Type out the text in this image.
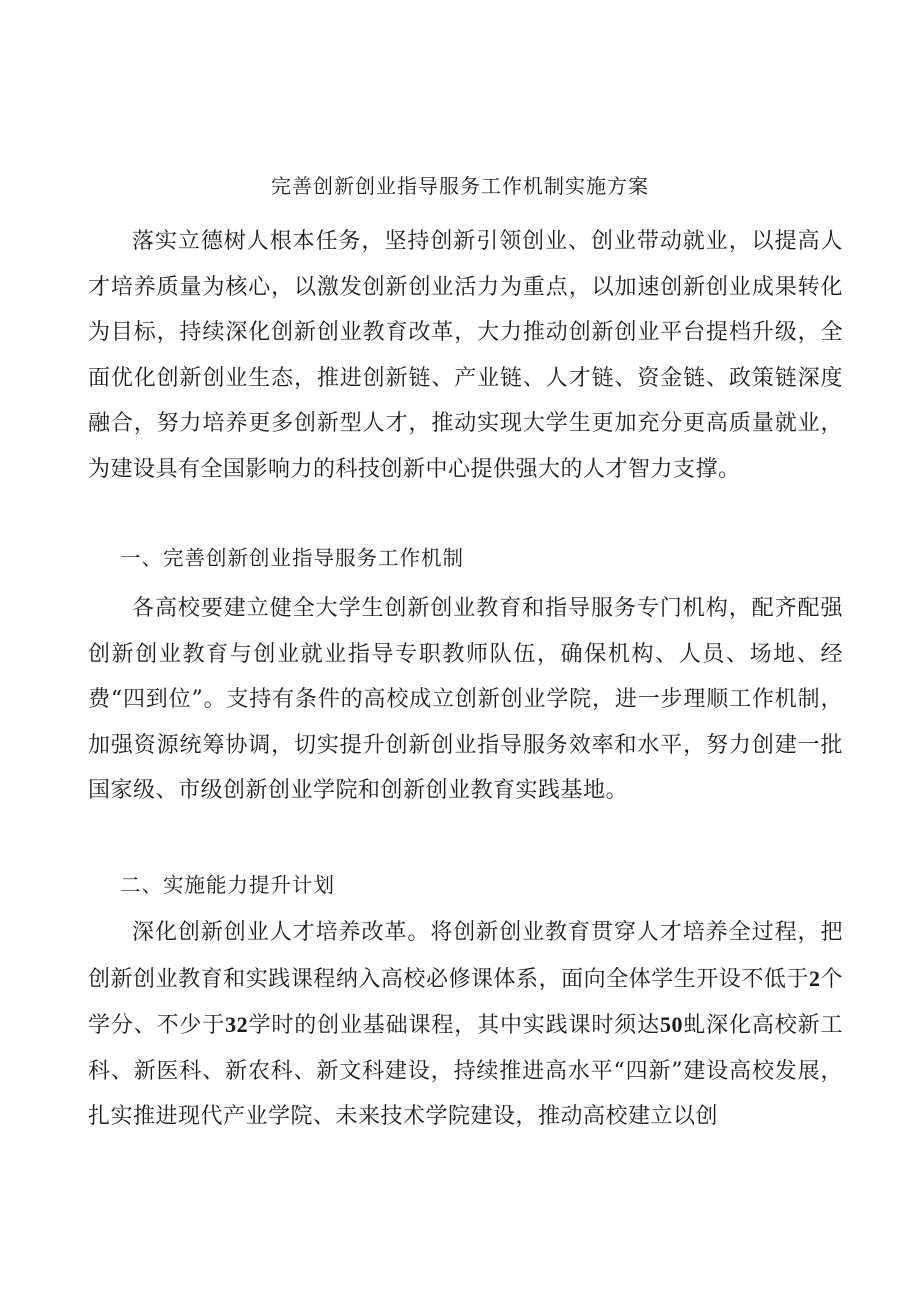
完善创新创业指导服务工作机制实施方案

落实立德树人根本任务，坚持创新引领创业、创业带动就业，以提高人才培养质量为核心，以激发创新创业活力为重点，以加速创新创业成果转化为目标，持续深化创新创业教育改革，大力推动创新创业平台提档升级，全面优化创新创业生态，推进创新链、产业链、人才链、资金链、政策链深度融合，努力培养更多创新型人才，推动实现大学生更加充分更高质量就业，为建设具有全国影响力的科技创新中心提供强大的人才智力支撑。

一、完善创新创业指导服务工作机制

各高校要建立健全大学生创新创业教育和指导服务专门机构，配齐配强创新创业教育与创业就业指导专职教师队伍，确保机构、人员、场地、经费“四到位”。支持有条件的高校成立创新创业学院，进一步理顺工作机制，加强资源统筹协调，切实提升创新创业指导服务效率和水平，努力创建一批国家级、市级创新创业学院和创新创业教育实践基地。

二、实施能力提升计划

深化创新创业人才培养改革。将创新创业教育贯穿人才培养全过程，把创新创业教育和实践课程纳入高校必修课体系，面向全体学生开设不低于2个学分、不少于32学时的创业基础课程，其中实践课时须达50虬深化高校新工科、新医科、新农科、新文科建设，持续推进高水平“四新”建设高校发展，扎实推进现代产业学院、未来技术学院建设，推动高校建立以创
